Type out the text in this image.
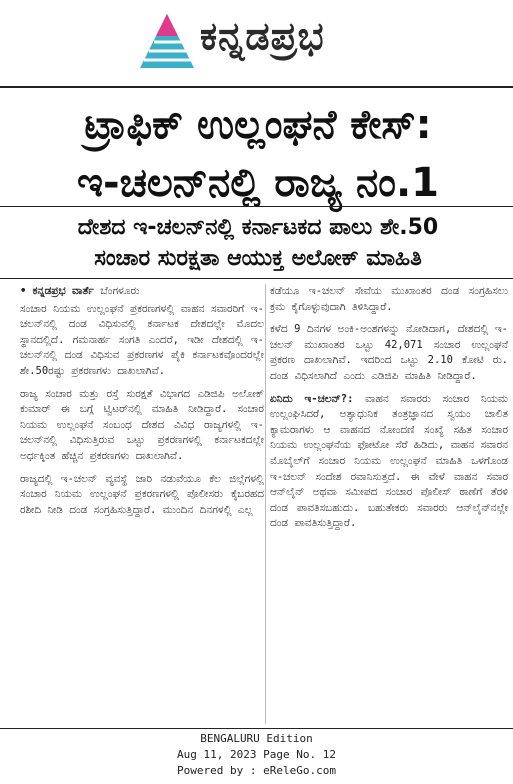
ಕನ್ನಡಪ್ರಭ
ಟ್ರಾಫಿಕ್ ಉಲ್ಲಂಘನೆ ಕೇಸ್:
ಇ-ಚಲನ್‌ನಲ್ಲಿ ರಾಜ್ಯ ನಂ.1
ದೇಶದ ಇ-ಚಲನ್‌ನಲ್ಲಿ ಕರ್ನಾಟಕದ ಪಾಲು ಶೇ.50
ಸಂಚಾರ ಸುರಕ್ಷತಾ ಆಯುಕ್ತ ಅಲೋಕ್ ಮಾಹಿತಿ
• ಕನ್ನಡಪ್ರಭ ವಾರ್ತೆ ಬೆಂಗಳೂರು

ಸಂಚಾರ ನಿಯಮ ಉಲ್ಲಂಘನೆ ಪ್ರಕರಣಗಳಲ್ಲಿ ವಾಹನ ಸವಾರರಿಗೆ ಇ-ಚಲನ್‌ನಲ್ಲಿ ದಂಡ ವಿಧಿಸುವಲ್ಲಿ ಕರ್ನಾಟಕ ದೇಶದಲ್ಲೇ ಮೊದಲ ಸ್ಥಾನದಲ್ಲಿದೆ. ಗಮನಾರ್ಹ ಸಂಗತಿ ಎಂದರೆ, ಇಡೀ ದೇಶದಲ್ಲಿ ಇ-ಚಲನ್‌ನಲ್ಲಿ ದಂಡ ವಿಧಿಸುವ ಪ್ರಕರಣಗಳ ಪೈಕಿ ಕರ್ನಾಟಕವೊಂದರಲ್ಲೇ ಶೇ.50ರಷ್ಟು ಪ್ರಕರಣಗಳು ದಾಖಲಾಗಿವೆ.

ರಾಜ್ಯ ಸಂಚಾರ ಮತ್ತು ರಸ್ತೆ ಸುರಕ್ಷತೆ ವಿಭಾಗದ ಎಡಿಜಿಪಿ ಅಲೋಕ್ ಕುಮಾರ್ ಈ ಬಗ್ಗೆ ಟ್ವಿಟರ್‌ನಲ್ಲಿ ಮಾಹಿತಿ ನೀಡಿದ್ದಾರೆ. ಸಂಚಾರ ನಿಯಮ ಉಲ್ಲಂಘನೆ ಸಂಬಂಧ ದೇಶದ ವಿವಿಧ ರಾಜ್ಯಗಳಲ್ಲಿ ಇ-ಚಲನ್‌ನಲ್ಲಿ ವಿಧಿಸುತ್ತಿರುವ ಒಟ್ಟು ಪ್ರಕರಣಗಳಲ್ಲಿ ಕರ್ನಾಟಕದಲ್ಲೇ ಅರ್ಧಕ್ಕಿಂತ ಹೆಚ್ಚಿನ ಪ್ರಕರಣಗಳು ದಾಖಲಾಗಿವೆ.

ರಾಜ್ಯದಲ್ಲಿ ಇ-ಚಲನ್ ವ್ಯವಸ್ಥೆ ಜಾರಿ ನಡುವೆಯೂ ಕೆಲ ಜಿಲ್ಲೆಗಳಲ್ಲಿ ಸಂಚಾರ ನಿಯಮ ಉಲ್ಲಂಘನೆ ಪ್ರಕರಣಗಳಲ್ಲಿ ಪೊಲೀಸರು ಕೈಬರಹದ ರಶೀದಿ ನೀಡಿ ದಂಡ ಸಂಗ್ರಹಿಸುತ್ತಿದ್ದಾರೆ. ಮುಂದಿನ ದಿನಗಳಲ್ಲಿ ಎಲ್ಲ

ಕಡೆಯೂ ಇ-ಚಲನ್ ಸೇವೆಯ ಮುಖಾಂತರ ದಂಡ ಸಂಗ್ರಹಿಸಲು ಕ್ರಮ ಕೈಗೊಳ್ಳುವುದಾಗಿ ತಿಳಿಸಿದ್ದಾರೆ.

ಕಳೆದ 9 ದಿನಗಳ ಅಂಕಿ-ಅಂಶಗಳನ್ನು ನೋಡಿದಾಗ, ದೇಶದಲ್ಲಿ ಇ-ಚಲನ್ ಮುಖಾಂತರ ಒಟ್ಟು 42,071 ಸಂಚಾರ ಉಲ್ಲಂಘನೆ ಪ್ರಕರಣ ದಾಖಲಾಗಿವೆ. ಇದರಿಂದ ಒಟ್ಟು 2.10 ಕೋಟಿ ರು. ದಂಡ ವಿಧಿಸಲಾಗಿದೆ ಎಂದು ಎಡಿಜಿಪಿ ಮಾಹಿತಿ ನೀಡಿದ್ದಾರೆ.

ಏನಿದು ಇ-ಚಲನ್?: ವಾಹನ ಸವಾರರು ಸಂಚಾರ ನಿಯಮ ಉಲ್ಲಂಘಿಸಿದರೆ, ಅತ್ಯಾಧುನಿಕ ತಂತ್ರಜ್ಞಾನದ ಸ್ವಯಂ ಚಾಲಿತ ಕ್ಯಾಮರಾಗಳು ಆ ವಾಹನದ ನೋಂದಣಿ ಸಂಖ್ಯೆ ಸಹಿತ ಸಂಚಾರ ನಿಯಮ ಉಲ್ಲಂಘನೆಯ ಫೋಟೋ ಸೆರೆ ಹಿಡಿದು, ವಾಹನ ಸವಾರನ ಮೊಬೈಲ್‌ಗೆ ಸಂಚಾರ ನಿಯಮ ಉಲ್ಲಂಘನೆ ಮಾಹಿತಿ ಒಳಗೊಂಡ ಇ-ಚಲನ್ ಸಂದೇಶ ರವಾನಿಸುತ್ತದೆ. ಈ ವೇಳೆ ವಾಹನ ಸವಾರ ಆನ್‌ಲೈನ್ ಅಥವಾ ಸಮೀಪದ ಸಂಚಾರ ಪೊಲೀಸ್ ಠಾಣೆಗೆ ತೆರಳಿ ದಂಡ ಪಾವತಿಸಬಹುದು. ಬಹುತೇಕರು ಸವಾರರು ಆನ್‌ಲೈನ್‌ನಲ್ಲೇ ದಂಡ ಪಾವತಿಸುತ್ತಿದ್ದಾರೆ.

BENGALURU Edition
Aug 11, 2023 Page No. 12
Powered by : eReleGo.com
